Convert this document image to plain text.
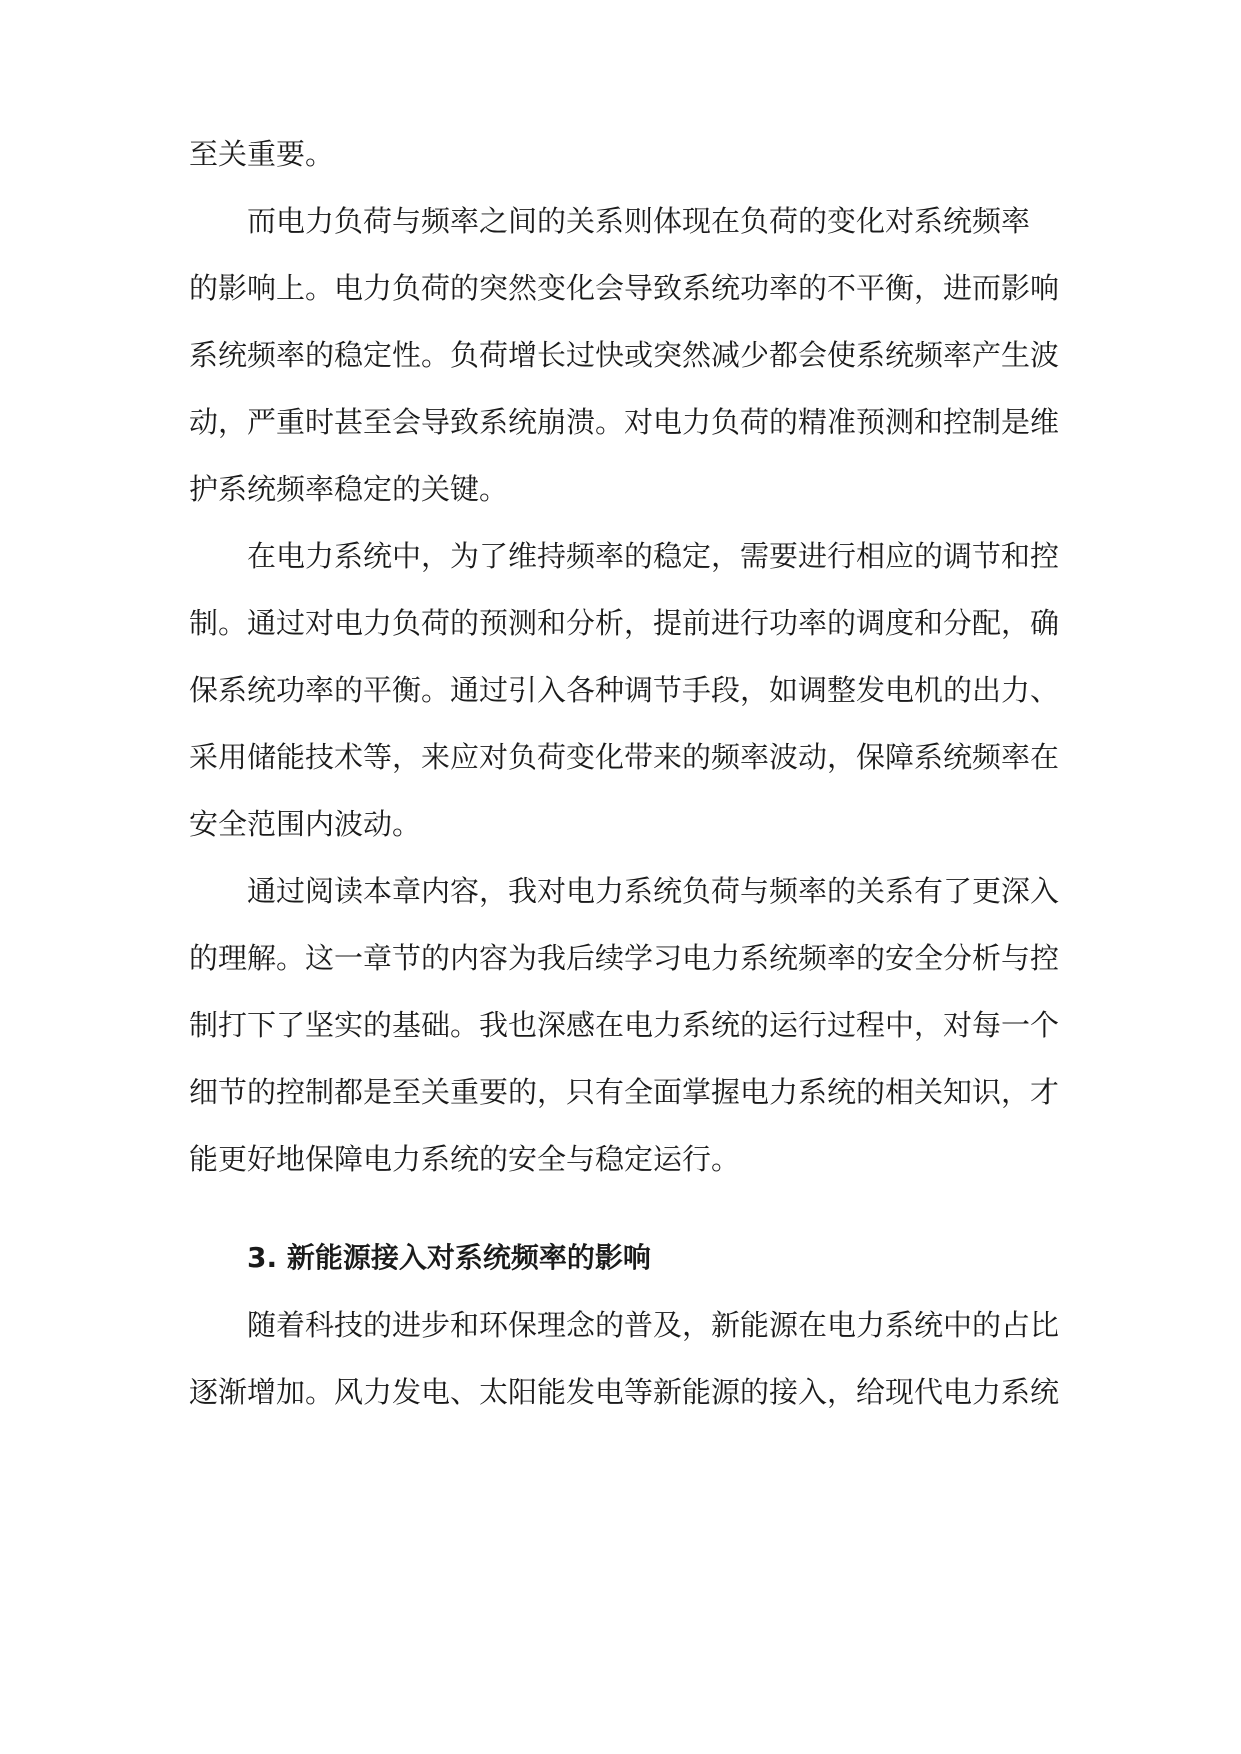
至关重要。
而电力负荷与频率之间的关系则体现在负荷的变化对系统频率
的影响上。电力负荷的突然变化会导致系统功率的不平衡，进而影响
系统频率的稳定性。负荷增长过快或突然减少都会使系统频率产生波
动，严重时甚至会导致系统崩溃。对电力负荷的精准预测和控制是维
护系统频率稳定的关键。
在电力系统中，为了维持频率的稳定，需要进行相应的调节和控
制。通过对电力负荷的预测和分析，提前进行功率的调度和分配，确
保系统功率的平衡。通过引入各种调节手段，如调整发电机的出力、
采用储能技术等，来应对负荷变化带来的频率波动，保障系统频率在
安全范围内波动。
通过阅读本章内容，我对电力系统负荷与频率的关系有了更深入
的理解。这一章节的内容为我后续学习电力系统频率的安全分析与控
制打下了坚实的基础。我也深感在电力系统的运行过程中，对每一个
细节的控制都是至关重要的，只有全面掌握电力系统的相关知识，才
能更好地保障电力系统的安全与稳定运行。
3. 新能源接入对系统频率的影响
随着科技的进步和环保理念的普及，新能源在电力系统中的占比
逐渐增加。风力发电、太阳能发电等新能源的接入，给现代电力系统
